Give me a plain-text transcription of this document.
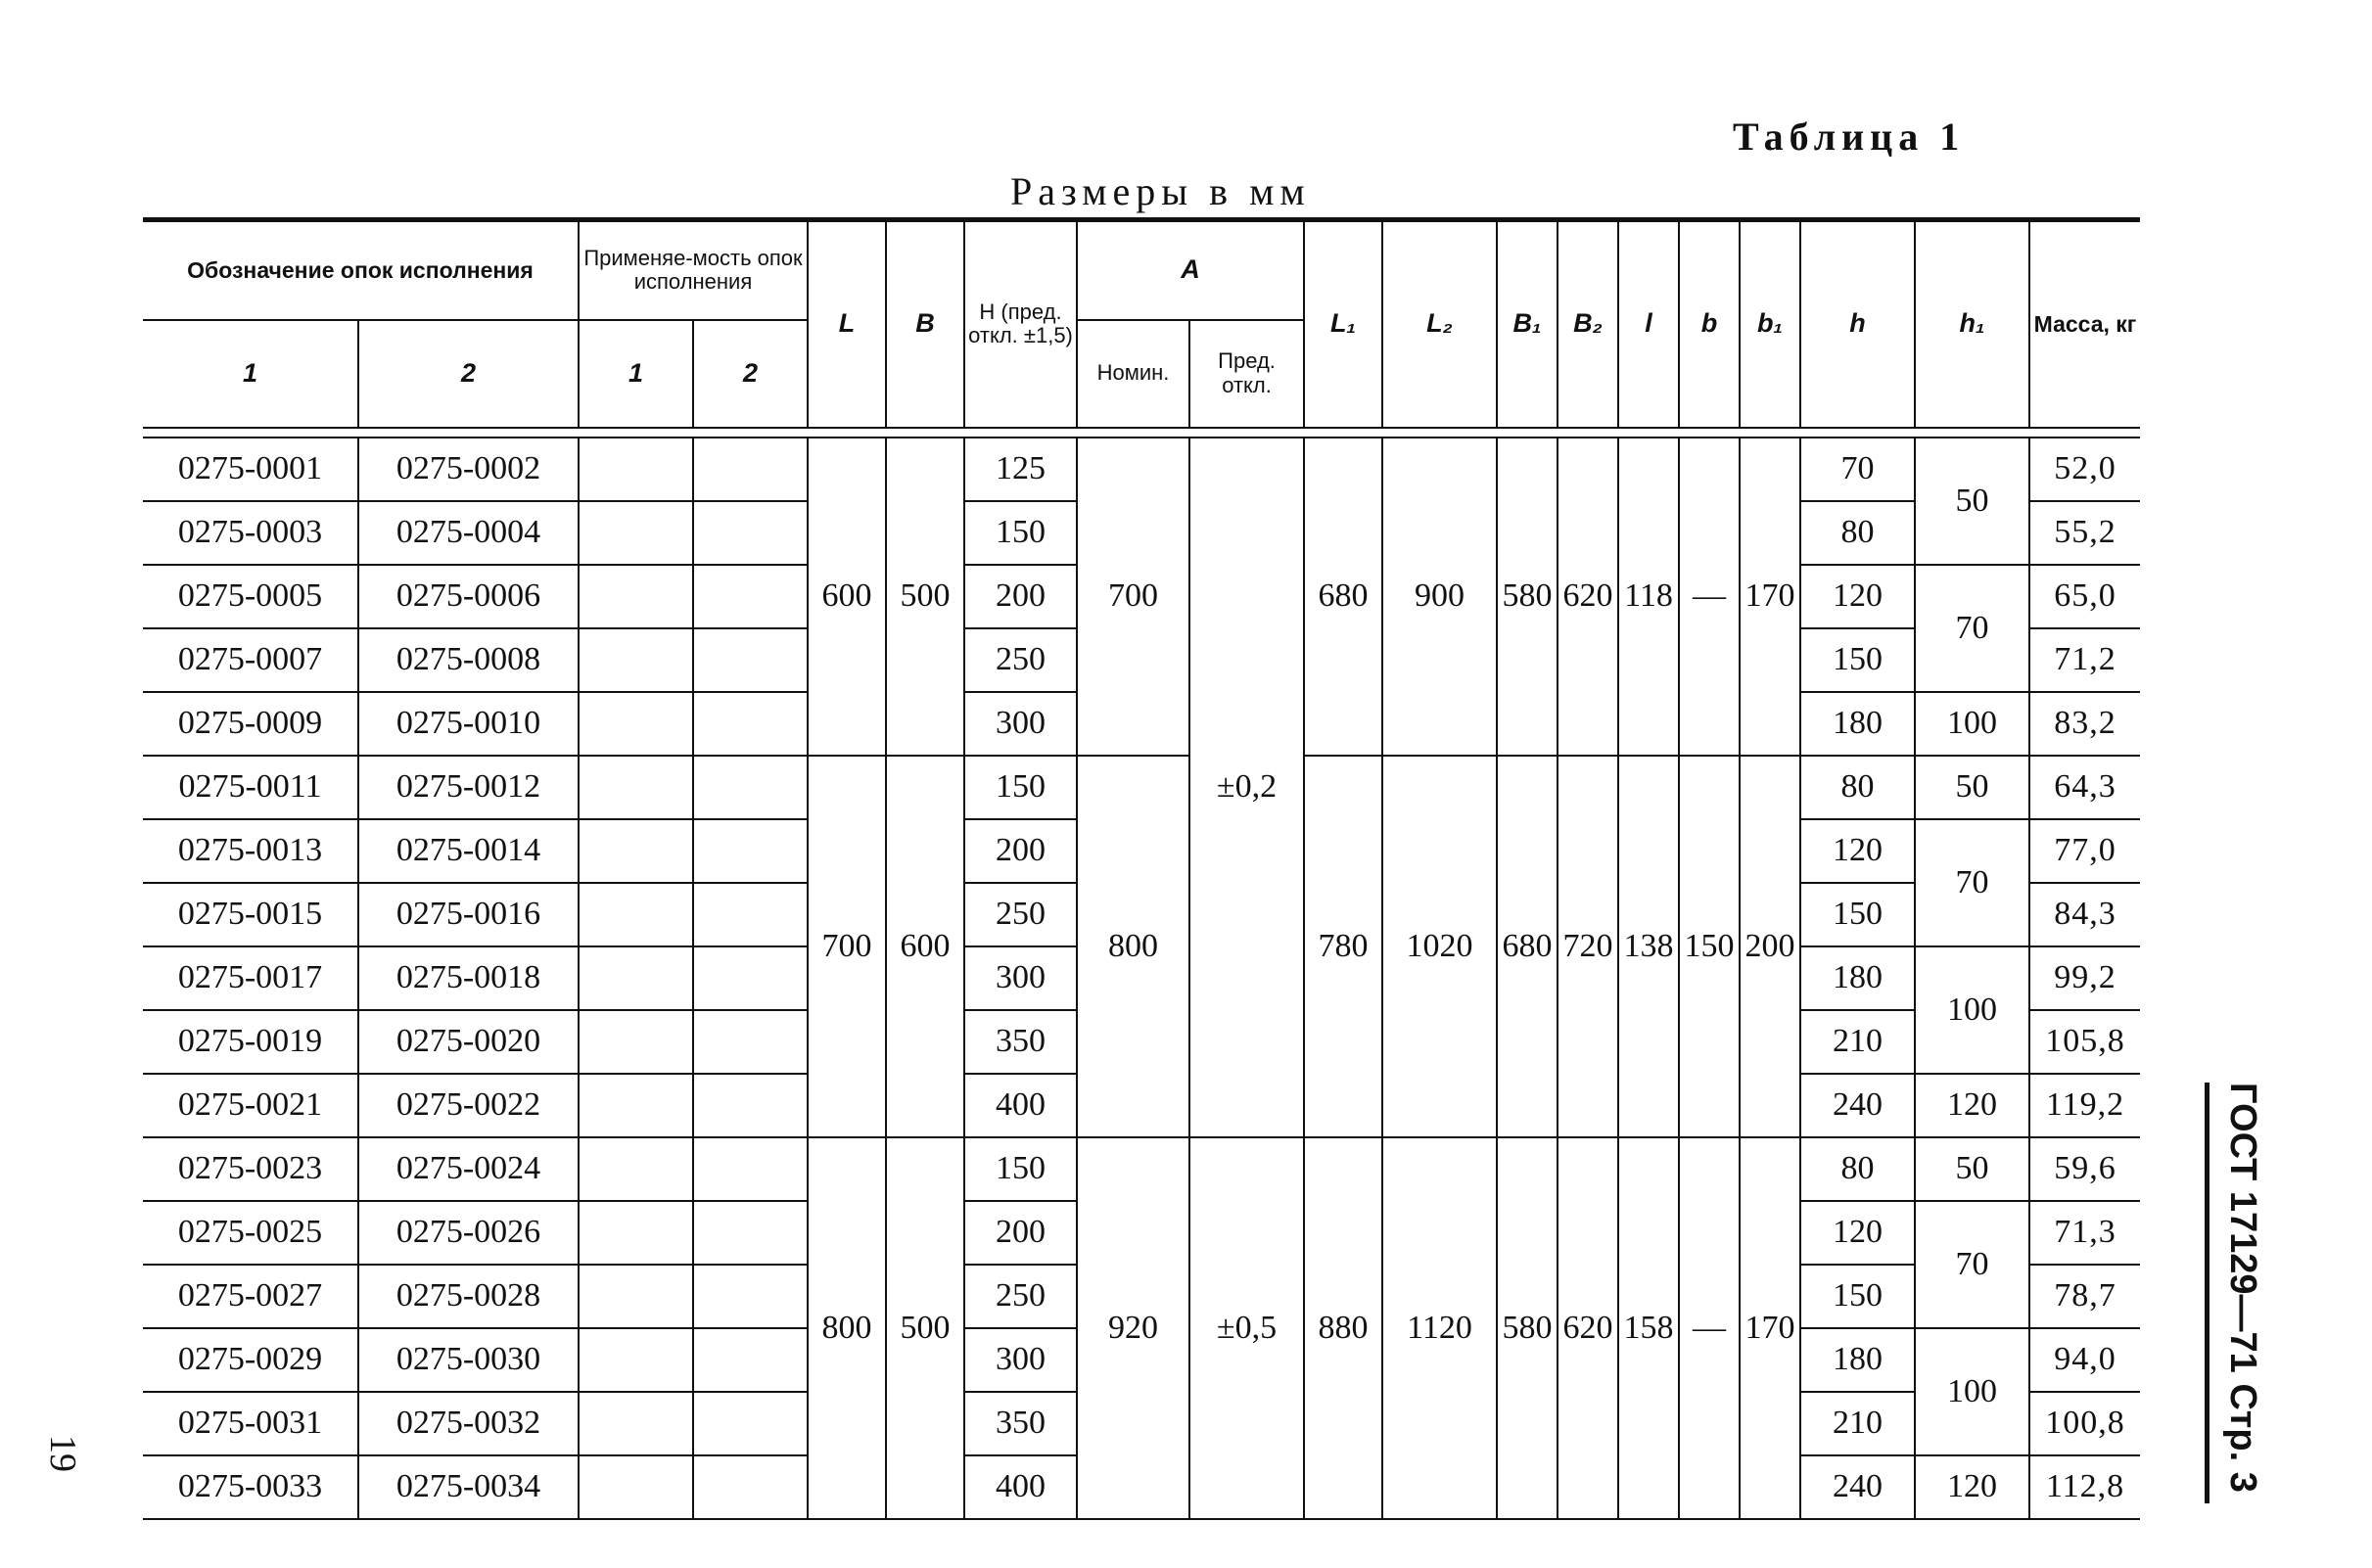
Таблица 1
Размеры в мм
19	ГОСТ 17129—71 Стр. 3
Обозначение опок исполнения		Применяе-мость опок исполнения		L	B	H (пред. откл. ±1,5)	A		L₁	L₂	B₁	B₂	l	b	b₁	h	h₁	Масса, кг
1	2	1	2				Номин.	Пред. откл.										

0275-0001	0275-0002			600	500	125	700	±0,2	680	900	580	620	118	—	170	70	50	52,0
0275-0003	0275-0004					150										80		55,2
0275-0005	0275-0006					200										120	70	65,0
0275-0007	0275-0008					250										150		71,2
0275-0009	0275-0010					300										180	100	83,2
0275-0011	0275-0012			700	600	150	800		780	1020	680	720	138	150	200	80	50	64,3
0275-0013	0275-0014					200										120	70	77,0
0275-0015	0275-0016					250										150		84,3
0275-0017	0275-0018					300										180	100	99,2
0275-0019	0275-0020					350										210		105,8
0275-0021	0275-0022					400										240	120	119,2
0275-0023	0275-0024			800	500	150	920	±0,5	880	1120	580	620	158	—	170	80	50	59,6
0275-0025	0275-0026					200										120	70	71,3
0275-0027	0275-0028					250										150		78,7
0275-0029	0275-0030					300										180	100	94,0
0275-0031	0275-0032					350										210		100,8
0275-0033	0275-0034					400										240	120	112,8
